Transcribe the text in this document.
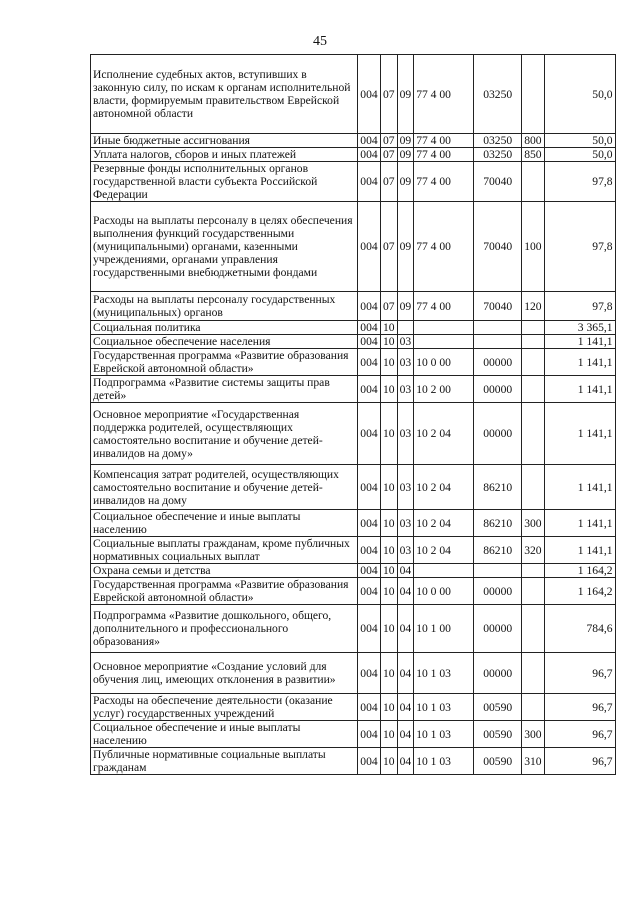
45
Исполнение судебных актов, вступивших в законную силу, по искам к органам исполнительной власти, формируемым правительством Еврейской автономной области	004	07	09	77 4 00	03250		50,0
Иные бюджетные ассигнования	004	07	09	77 4 00	03250	800	50,0
Уплата налогов, сборов и иных платежей	004	07	09	77 4 00	03250	850	50,0
Резервные фонды исполнительных органов государственной власти субъекта Российской Федерации	004	07	09	77 4 00	70040		97,8
Расходы на выплаты персоналу в целях обеспечения выполнения функций государственными (муниципальными) органами, казенными учреждениями, органами управления государственными внебюджетными фондами	004	07	09	77 4 00	70040	100	97,8
Расходы на выплаты персоналу государственных (муниципальных) органов	004	07	09	77 4 00	70040	120	97,8
Социальная политика	004	10					3 365,1
Социальное обеспечение населения	004	10	03				1 141,1
Государственная программа «Развитие образования Еврейской автономной области»	004	10	03	10 0 00	00000		1 141,1
Подпрограмма «Развитие системы защиты прав детей»	004	10	03	10 2 00	00000		1 141,1
Основное мероприятие «Государственная поддержка родителей, осуществляющих самостоятельно воспитание и обучение детей-инвалидов на дому»	004	10	03	10 2 04	00000		1 141,1
Компенсация затрат родителей, осуществляющих самостоятельно воспитание и обучение детей-инвалидов на дому	004	10	03	10 2 04	86210		1 141,1
Социальное обеспечение и иные выплаты населению	004	10	03	10 2 04	86210	300	1 141,1
Социальные выплаты гражданам, кроме публичных нормативных социальных выплат	004	10	03	10 2 04	86210	320	1 141,1
Охрана семьи и детства	004	10	04				1 164,2
Государственная программа «Развитие образования Еврейской автономной области»	004	10	04	10 0 00	00000		1 164,2
Подпрограмма «Развитие дошкольного, общего, дополнительного и профессионального образования»	004	10	04	10 1 00	00000		784,6
Основное мероприятие «Создание условий для обучения лиц, имеющих отклонения в развитии»	004	10	04	10 1 03	00000		96,7
Расходы на обеспечение деятельности (оказание услуг) государственных учреждений	004	10	04	10 1 03	00590		96,7
Социальное обеспечение и иные выплаты населению	004	10	04	10 1 03	00590	300	96,7
Публичные нормативные социальные выплаты гражданам	004	10	04	10 1 03	00590	310	96,7
